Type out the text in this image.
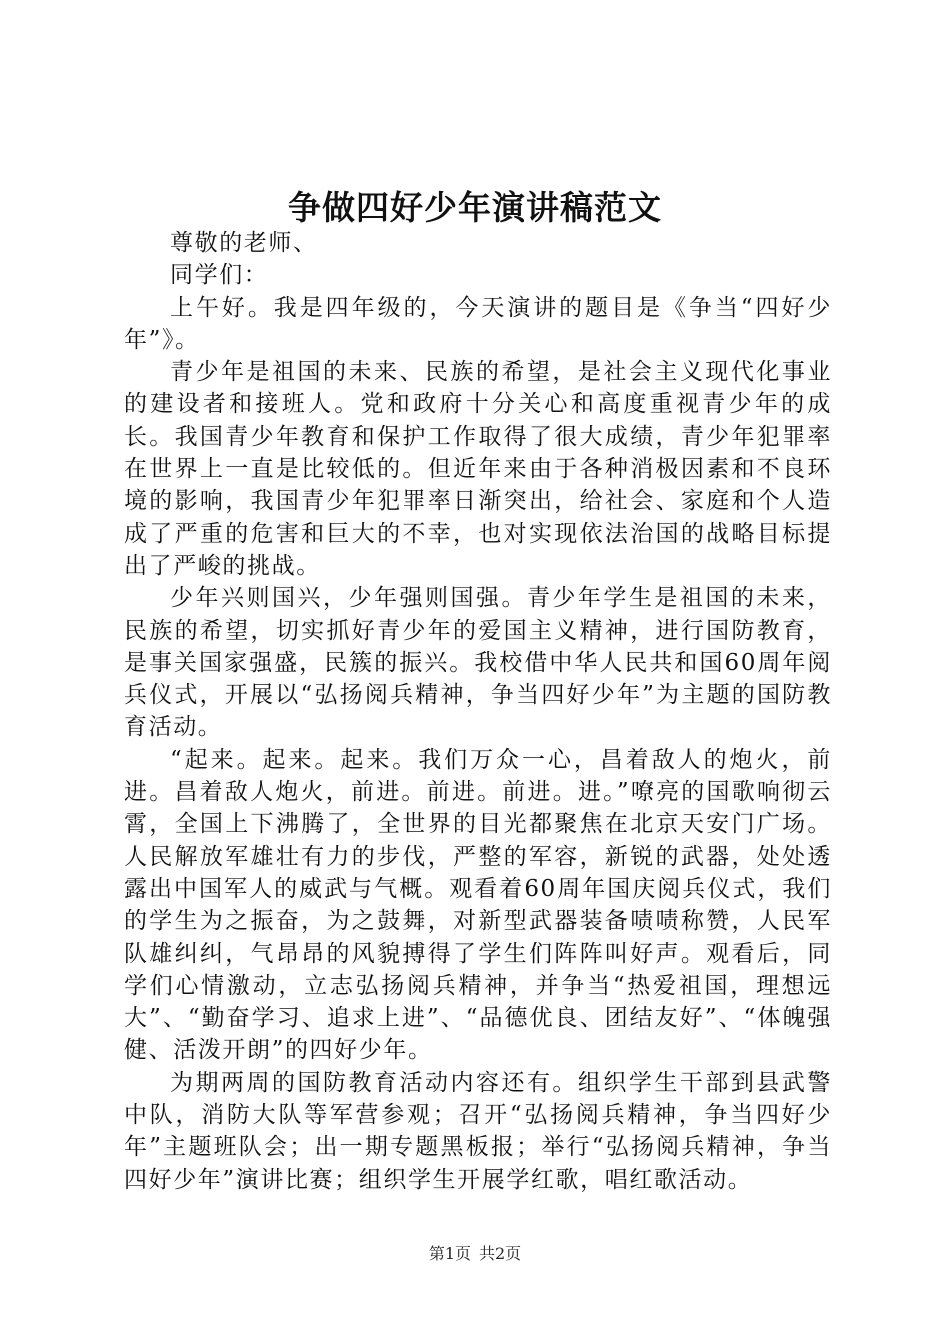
争做四好少年演讲稿范文

尊敬的老师、

同学们：

上午好。我是四年级的，今天演讲的题目是《争当“四好少年”》。

青少年是祖国的未来、民族的希望，是社会主义现代化事业的建设者和接班人。党和政府十分关心和高度重视青少年的成长。我国青少年教育和保护工作取得了很大成绩，青少年犯罪率在世界上一直是比较低的。但近年来由于各种消极因素和不良环境的影响，我国青少年犯罪率日渐突出，给社会、家庭和个人造成了严重的危害和巨大的不幸，也对实现依法治国的战略目标提出了严峻的挑战。

少年兴则国兴，少年强则国强。青少年学生是祖国的未来，民族的希望，切实抓好青少年的爱国主义精神，进行国防教育，是事关国家强盛，民簇的振兴。我校借中华人民共和国60周年阅兵仪式，开展以“弘扬阅兵精神，争当四好少年”为主题的国防教育活动。

“起来。起来。起来。我们万众一心，昌着敌人的炮火，前进。昌着敌人炮火，前进。前进。前进。进。”嘹亮的国歌响彻云霄，全国上下沸腾了，全世界的目光都聚焦在北京天安门广场。人民解放军雄壮有力的步伐，严整的军容，新锐的武器，处处透露出中国军人的威武与气概。观看着60周年国庆阅兵仪式，我们的学生为之振奋，为之鼓舞，对新型武器装备啧啧称赞，人民军队雄纠纠，气昂昂的风貌搏得了学生们阵阵叫好声。观看后，同学们心情激动，立志弘扬阅兵精神，并争当“热爱祖国，理想远大”、“勤奋学习、追求上进”、“品德优良、团结友好”、“体魄强健、活泼开朗”的四好少年。

为期两周的国防教育活动内容还有。组织学生干部到县武警中队，消防大队等军营参观；召开“弘扬阅兵精神，争当四好少年”主题班队会；出一期专题黑板报；举行“弘扬阅兵精神，争当四好少年”演讲比赛；组织学生开展学红歌，唱红歌活动。

第1页 共2页
